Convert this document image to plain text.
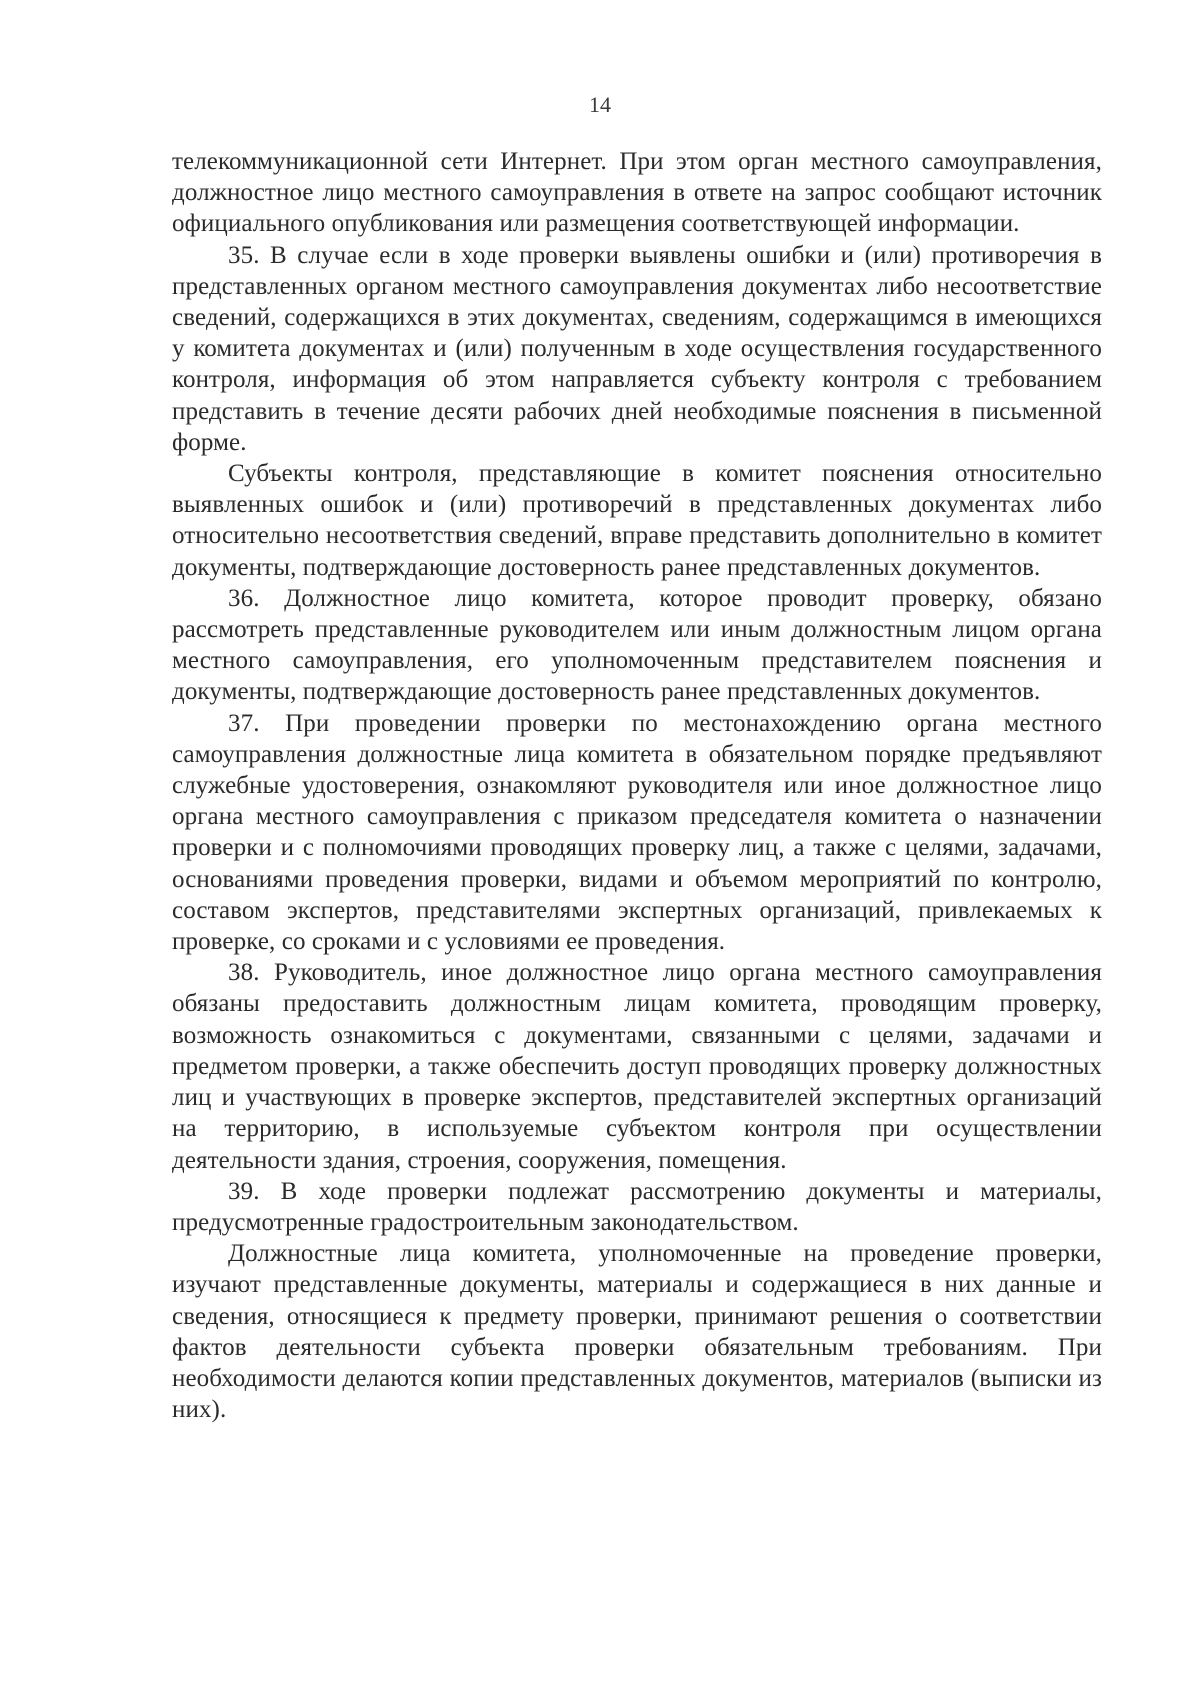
14

телекоммуникационной сети Интернет. При этом орган местного самоуправления, должностное лицо местного самоуправления в ответе на запрос сообщают источник официального опубликования или размещения соответствующей информации.

35. В случае если в ходе проверки выявлены ошибки и (или) противоречия в представленных органом местного самоуправления документах либо несоответствие сведений, содержащихся в этих документах, сведениям, содержащимся в имеющихся у комитета документах и (или) полученным в ходе осуществления государственного контроля, информация об этом направляется субъекту контроля с требованием представить в течение десяти рабочих дней необходимые пояснения в письменной форме.

Субъекты контроля, представляющие в комитет пояснения относительно выявленных ошибок и (или) противоречий в представленных документах либо относительно несоответствия сведений, вправе представить дополнительно в комитет документы, подтверждающие достоверность ранее представленных документов.

36. Должностное лицо комитета, которое проводит проверку, обязано рассмотреть представленные руководителем или иным должностным лицом органа местного самоуправления, его уполномоченным представителем пояснения и документы, подтверждающие достоверность ранее представленных документов.

37. При проведении проверки по местонахождению органа местного самоуправления должностные лица комитета в обязательном порядке предъявляют служебные удостоверения, ознакомляют руководителя или иное должностное лицо органа местного самоуправления с приказом председателя комитета о назначении проверки и с полномочиями проводящих проверку лиц, а также с целями, задачами, основаниями проведения проверки, видами и объемом мероприятий по контролю, составом экспертов, представителями экспертных организаций, привлекаемых к проверке, со сроками и с условиями ее проведения.

38. Руководитель, иное должностное лицо органа местного самоуправления обязаны предоставить должностным лицам комитета, проводящим проверку, возможность ознакомиться с документами, связанными с целями, задачами и предметом проверки, а также обеспечить доступ проводящих проверку должностных лиц и участвующих в проверке экспертов, представителей экспертных организаций на территорию, в используемые субъектом контроля при осуществлении деятельности здания, строения, сооружения, помещения.

39. В ходе проверки подлежат рассмотрению документы и материалы, предусмотренные градостроительным законодательством.

Должностные лица комитета, уполномоченные на проведение проверки, изучают представленные документы, материалы и содержащиеся в них данные и сведения, относящиеся к предмету проверки, принимают решения о соответствии фактов деятельности субъекта проверки обязательным требованиям. При необходимости делаются копии представленных документов, материалов (выписки из них).
